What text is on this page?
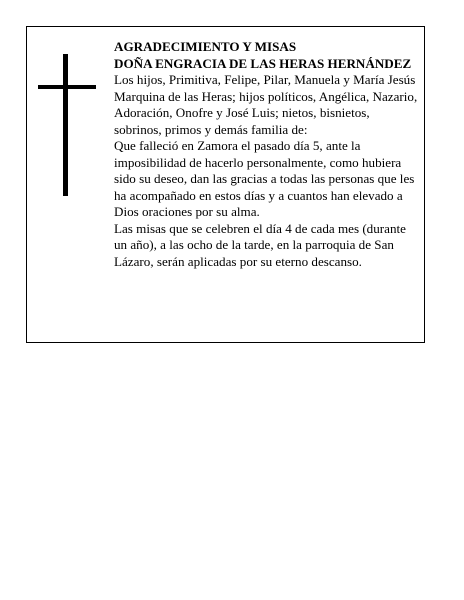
AGRADECIMIENTO Y MISAS

DOÑA ENGRACIA DE LAS HERAS HERNÁNDEZ

Los hijos, Primitiva, Felipe, Pilar, Manuela y María Jesús Marquina de las Heras; hijos políticos, Angélica, Nazario, Adoración, Onofre y José Luis; nietos, bisnietos, sobrinos, primos y demás familia de:

Que falleció en Zamora el pasado día 5, ante la imposibilidad de hacerlo personalmente, como hubiera sido su deseo, dan las gracias a todas las personas que les ha acompañado en estos días y a cuantos han elevado a Dios oraciones por su alma.

Las misas que se celebren el día 4 de cada mes (durante un año), a las ocho de la tarde, en la parroquia de San Lázaro, serán aplicadas por su eterno descanso.
